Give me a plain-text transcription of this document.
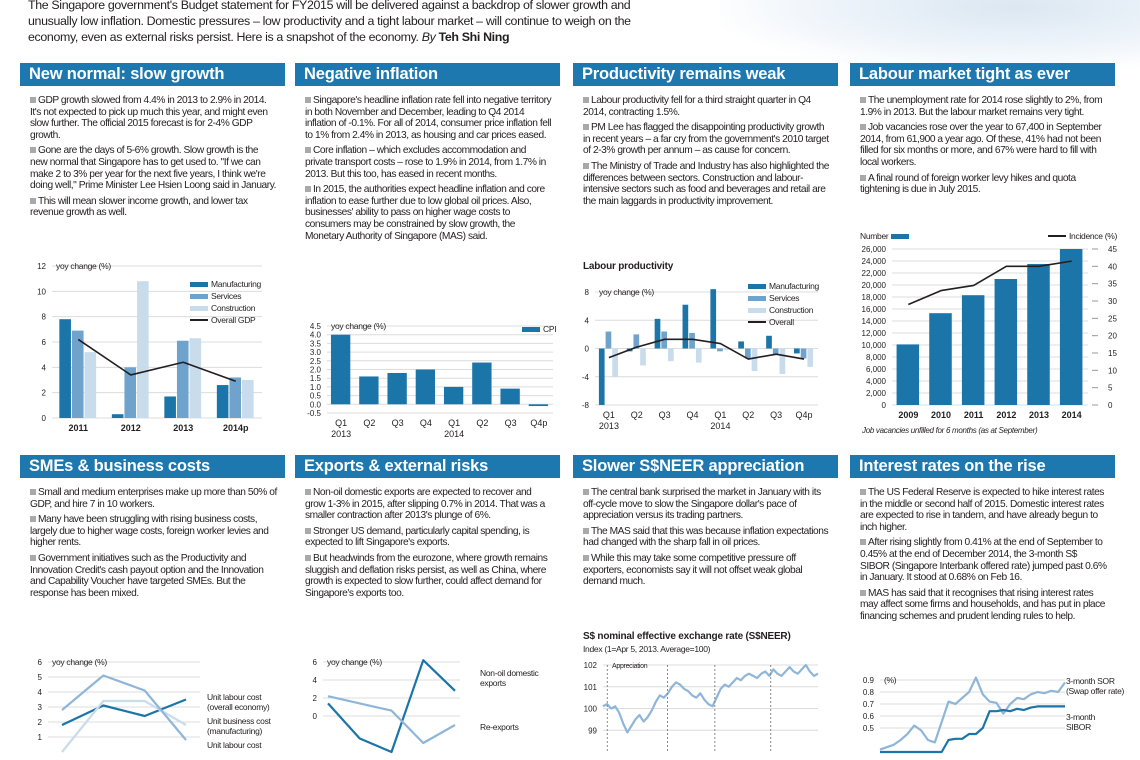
The Singapore government's Budget statement for FY2015 will be delivered against a backdrop of slower growth and unusually low inflation. Domestic pressures – low productivity and a tight labour market – will continue to weigh on the economy, even as external risks persist. Here is a snapshot of the economy. By Teh Shi Ning
New normal: slow growth

GDP growth slowed from 4.4% in 2013 to 2.9% in 2014. It's not expected to pick up much this year, and might even slow further. The official 2015 forecast is for 2-4% GDP growth.

Gone are the days of 5-6% growth. Slow growth is the new normal that Singapore has to get used to. "If we can make 2 to 3% per year for the next five years, I think we're doing well," Prime Minister Lee Hsien Loong said in January.

This will mean slower income growth, and lower tax revenue growth as well.

Negative inflation

Singapore's headline inflation rate fell into negative territory in both November and December, leading to Q4 2014 inflation of -0.1%. For all of 2014, consumer price inflation fell to 1% from 2.4% in 2013, as housing and car prices eased.

Core inflation – which excludes accommodation and private transport costs – rose to 1.9% in 2014, from 1.7% in 2013. But this too, has eased in recent months.

In 2015, the authorities expect headline inflation and core inflation to ease further due to low global oil prices. Also, businesses' ability to pass on higher wage costs to consumers may be constrained by slow growth, the Monetary Authority of Singapore (MAS) said.

Productivity remains weak

Labour productivity fell for a third straight quarter in Q4 2014, contracting 1.5%.

PM Lee has flagged the disappointing productivity growth in recent years – a far cry from the government's 2010 target of 2-3% growth per annum – as cause for concern.

The Ministry of Trade and Industry has also highlighted the differences between sectors. Construction and labour-intensive sectors such as food and beverages and retail are the main laggards in productivity improvement.

Labour market tight as ever

The unemployment rate for 2014 rose slightly to 2%, from 1.9% in 2013. But the labour market remains very tight.

Job vacancies rose over the year to 67,400 in September 2014, from 61,900 a year ago. Of these, 41% had not been filled for six months or more, and 67% were hard to fill with local workers.

A final round of foreign worker levy hikes and quota tightening is due in July 2015.

SMEs & business costs

Small and medium enterprises make up more than 50% of GDP, and hire 7 in 10 workers.

Many have been struggling with rising business costs, largely due to higher wage costs, foreign worker levies and higher rents.

Government initiatives such as the Productivity and Innovation Credit's cash payout option and the Innovation and Capability Voucher have targeted SMEs. But the response has been mixed.

Exports & external risks

Non-oil domestic exports are expected to recover and grow 1-3% in 2015, after slipping 0.7% in 2014. That was a smaller contraction after 2013's plunge of 6%.

Stronger US demand, particularly capital spending, is expected to lift Singapore's exports.

But headwinds from the eurozone, where growth remains sluggish and deflation risks persist, as well as China, where growth is expected to slow further, could affect demand for Singapore's exports too.

Slower S$NEER appreciation

The central bank surprised the market in January with its off-cycle move to slow the Singapore dollar's pace of appreciation versus its trading partners.

The MAS said that this was because inflation expectations had changed with the sharp fall in oil prices.

While this may take some competitive pressure off exporters, economists say it will not offset weak global demand much.

Interest rates on the rise

The US Federal Reserve is expected to hike interest rates in the middle or second half of 2015. Domestic interest rates are expected to rise in tandem, and have already begun to inch higher.

After rising slightly from 0.41% at the end of September to 0.45% at the end of December 2014, the 3-month S$ SIBOR (Singapore Interbank offered rate) jumped past 0.6% in January. It stood at 0.68% on Feb 16.

MAS has said that it recognises that rising interest rates may affect some firms and households, and has put in place financing schemes and prudent lending rules to help.

0
2
4
6
8
10
12
2011	2012	2013	2014p
yoy change (%)
-0.5
0.0
0.5
1.0
1.5
2.0
2.5
3.0
3.5
4.0
4.5
Q1 Q2 Q3 Q4 Q1 Q2 Q3 Q4p
2013	2014
yoy change (%)
-8
-4
0
4
8
Q1 Q2 Q3 Q4 Q1 Q2 Q3 Q4p
2013	2014
yoy change (%)
0
2,000
4,000
6,000
8,000
10,000
12,000
14,000
16,000
18,000
20,000
22,000
24,000
26,000
0
5
10
15
20
25
30
35
40
45
2009 2010 2011 2012 2013 2014
1
2
3
4
5
6 yoy change (%)
0
2
4
6 yoy change (%)
99
100
101
102
0.5
0.6
0.7
0.8
0.9 (%)
Manufacturing
Services
Construction
Overall GDP
CPI
Labour productivity
Manufacturing
Services
Construction
Overall
Number	Incidence (%)
Job vacancies unfilled for 6 months (as at September)
Unit labour cost (overall economy)
Unit business cost (manufacturing)
Unit labour cost
Non-oil domestic exports
Re-exports
S$ nominal effective exchange rate (S$NEER)
Index (1=Apr 5, 2013. Average=100)
Appreciation
3-month SOR (Swap offer rate)
3-month SIBOR
